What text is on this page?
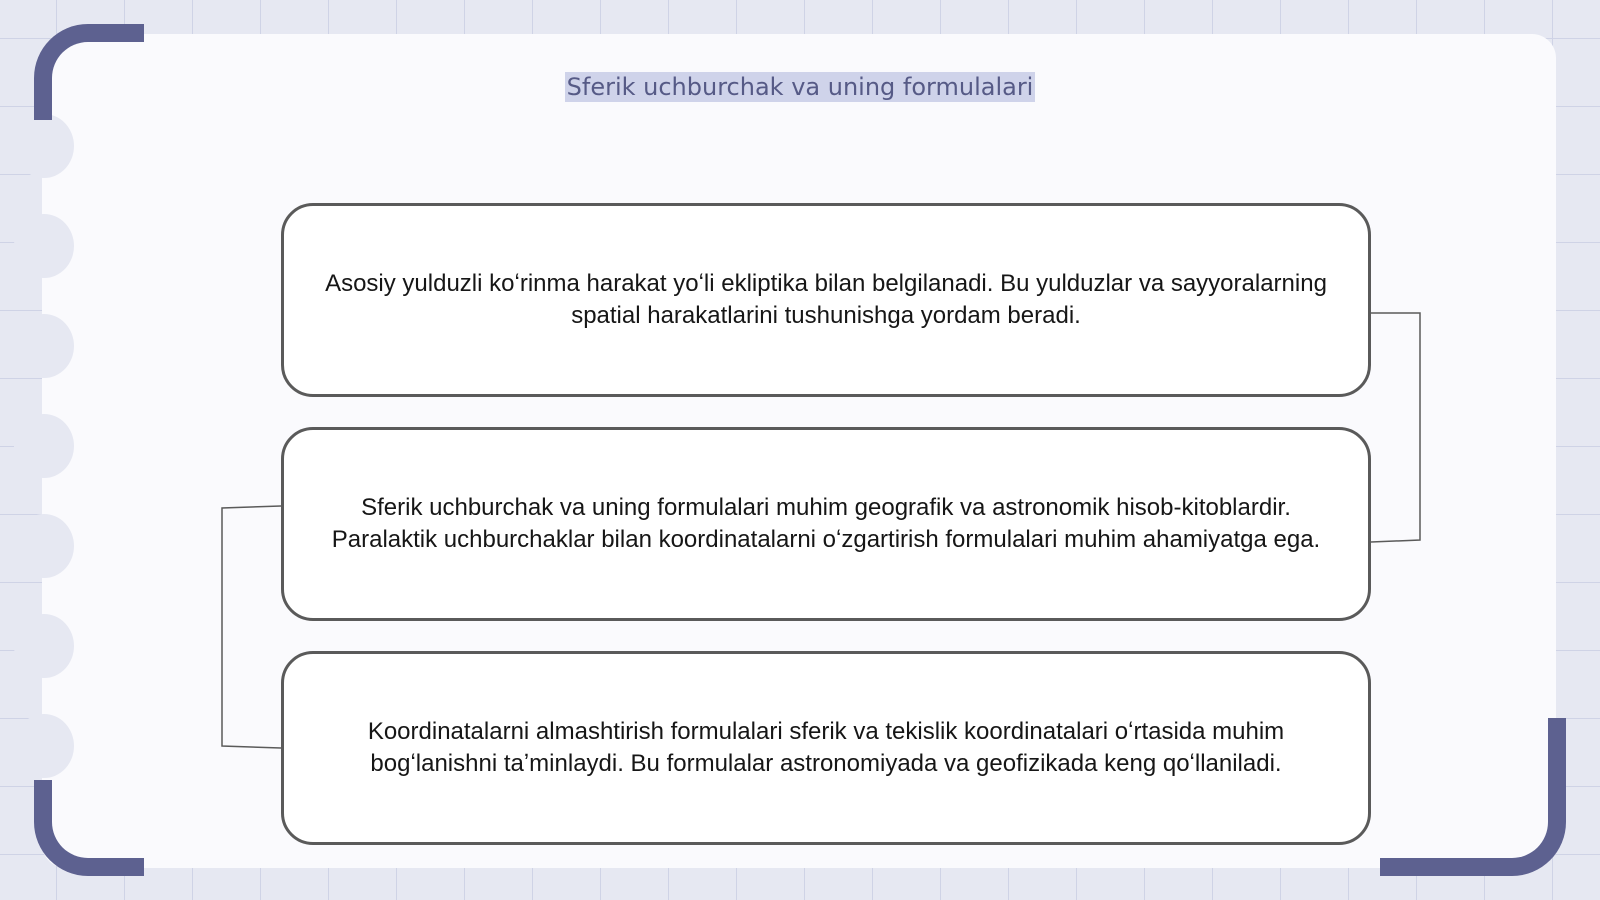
Sferik uchburchak va uning formulalari

Asosiy yulduzli koʻrinma harakat yoʻli ekliptika bilan belgilanadi. Bu yulduzlar va sayyoralarning spatial harakatlarini tushunishga yordam beradi.

Sferik uchburchak va uning formulalari muhim geografik va astronomik hisob-kitoblardir. Paralaktik uchburchaklar bilan koordinatalarni oʻzgartirish formulalari muhim ahamiyatga ega.

Koordinatalarni almashtirish formulalari sferik va tekislik koordinatalari oʻrtasida muhim bogʻlanishni taʼminlaydi. Bu formulalar astronomiyada va geofizikada keng qoʻllaniladi.
